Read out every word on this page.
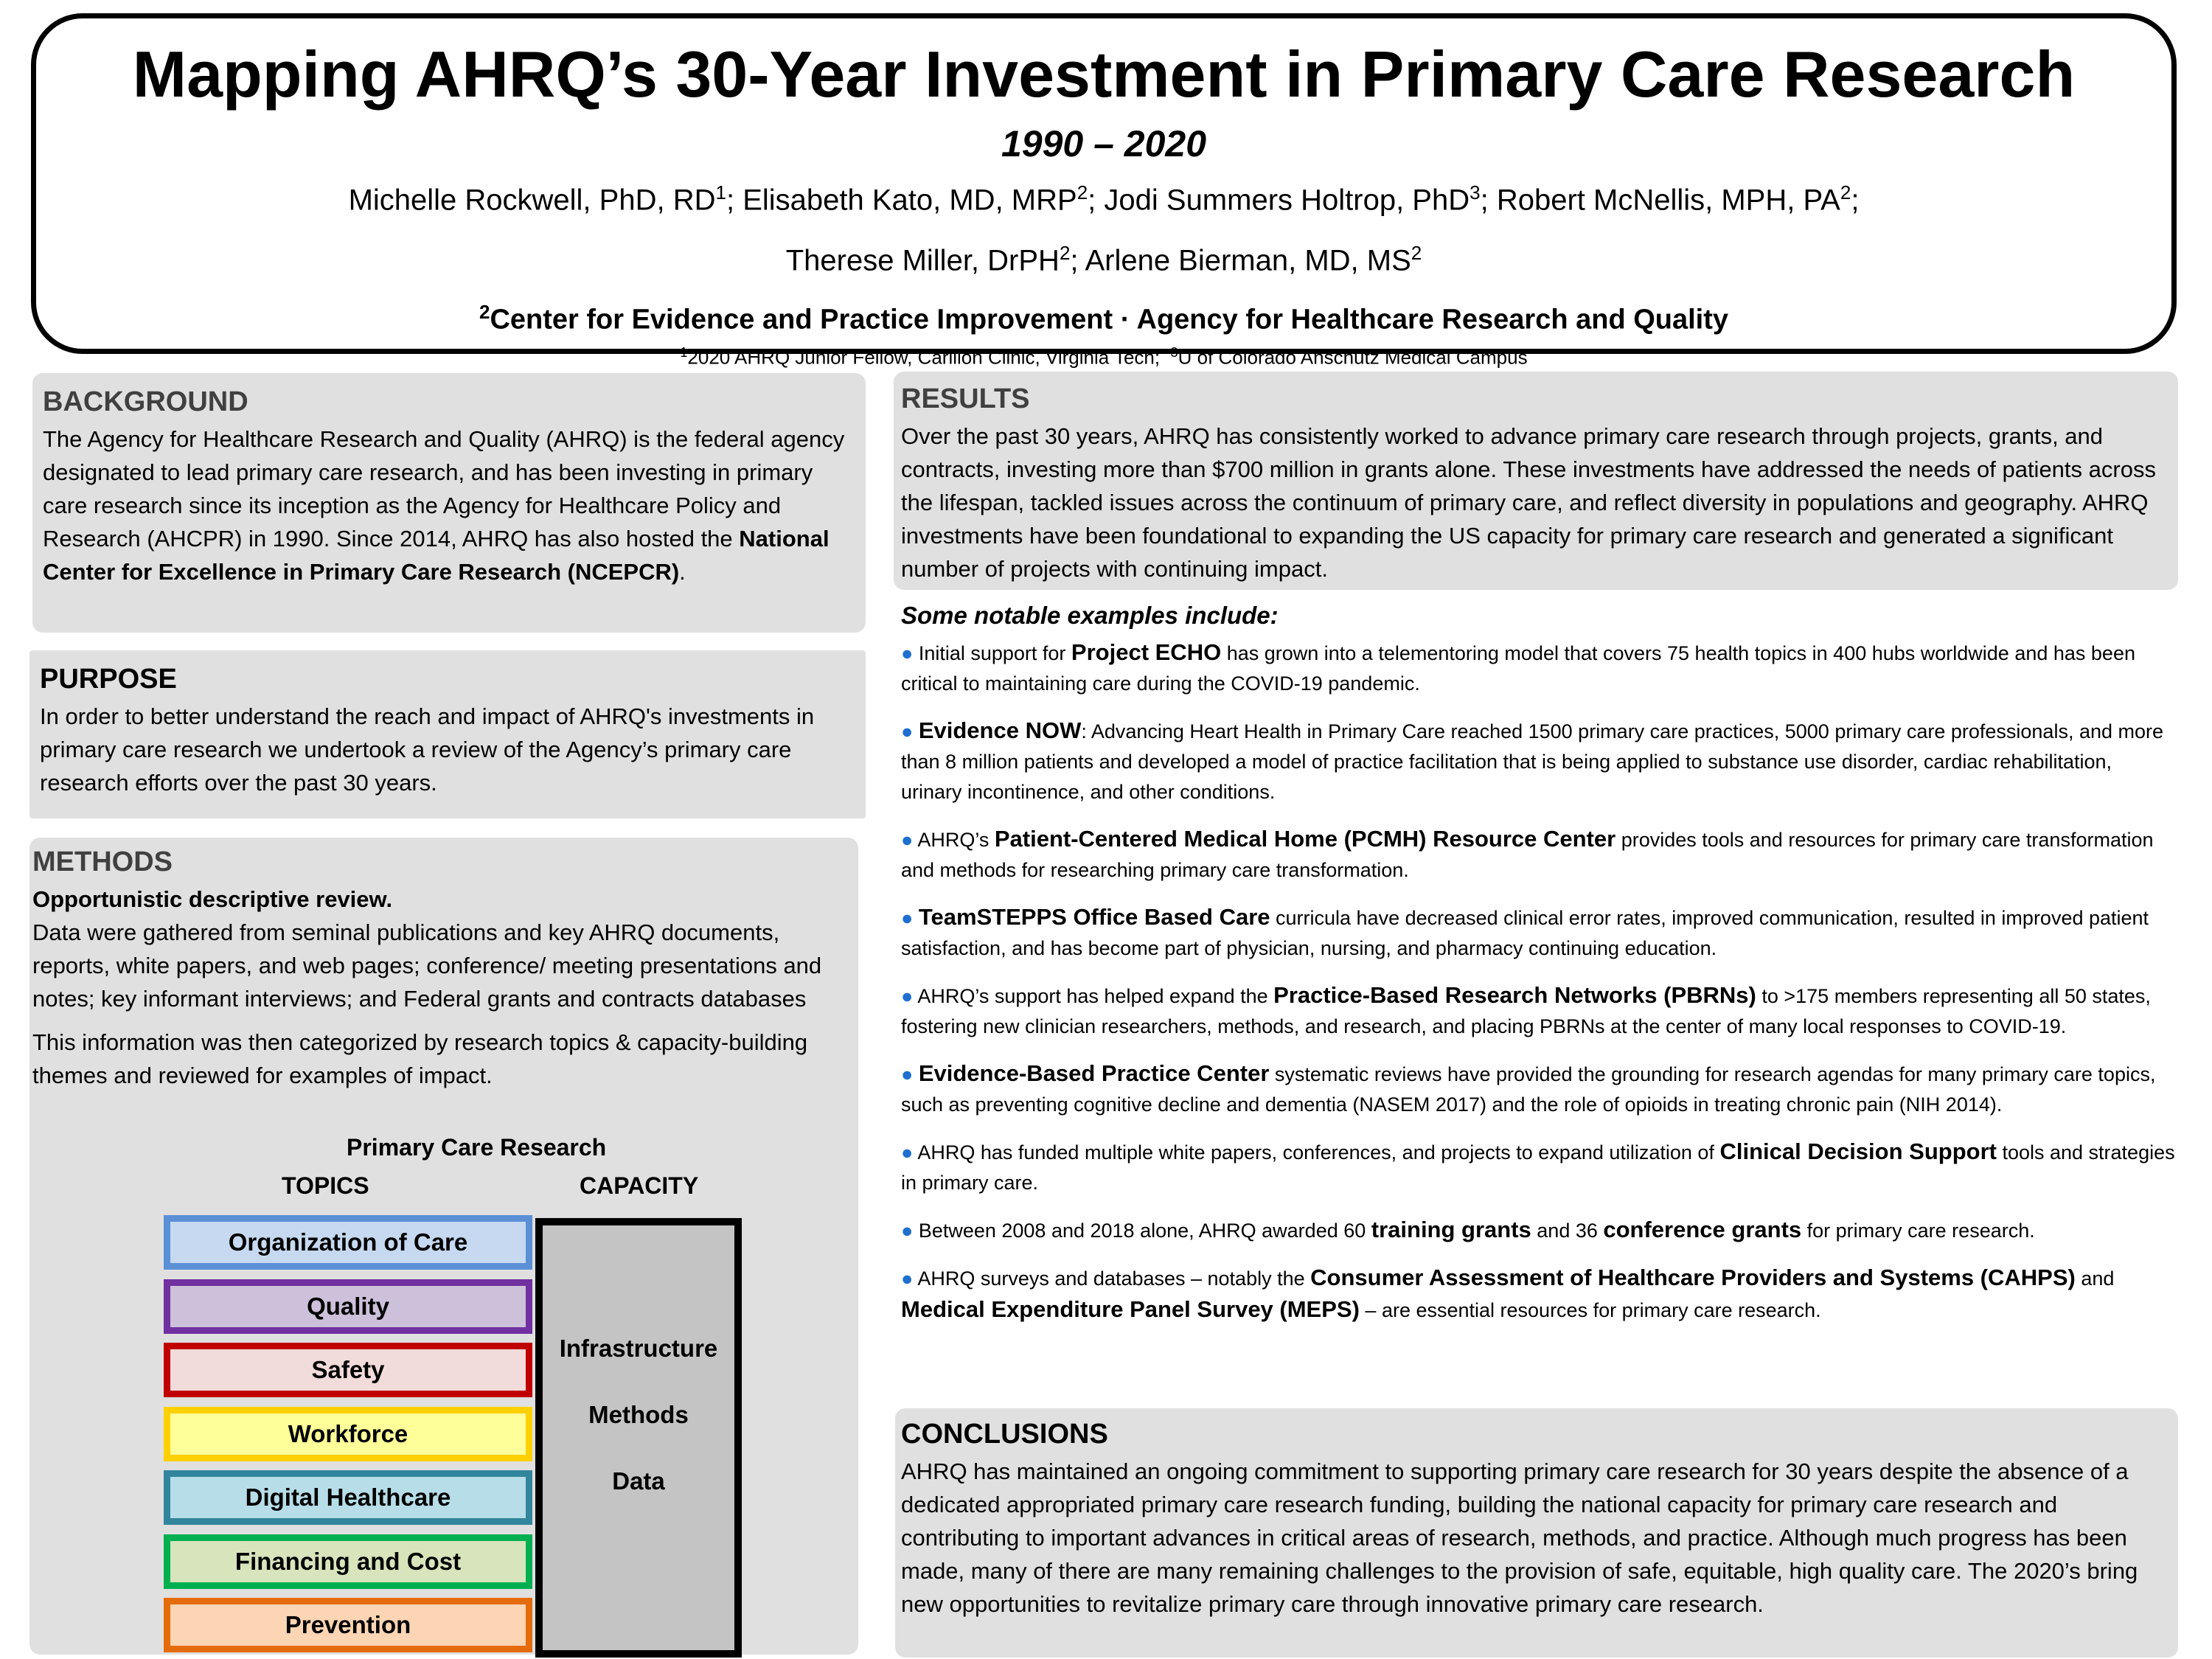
Mapping AHRQ’s 30-Year Investment in Primary Care Research
1990 – 2020
Michelle Rockwell, PhD, $RD^1$; Elisabeth Kato, MD, MRP$^2$; Jodi Summers Holtrop, PhD$^3$; Robert McNellis, MPH, $PA^2$;
Therese Miller, DrPH$^2$; Arlene Bierman, MD, $MS^2$
$^2$Center for Evidence and Practice Improvement · Agency for Healthcare Research and Quality
$^1$2020 AHRQ Junior Fellow, Carilion Clinic, Virginia Tech; $^3$U of Colorado Anschutz Medical Campus
BACKGROUND
The Agency for Healthcare Research and Quality (AHRQ) is the federal agency designated to lead primary care research, and has been investing in primary care research since its inception as the Agency for Healthcare Policy and Research (AHCPR) in 1990. Since 2014, AHRQ has also hosted the National Center for Excellence in Primary Care Research (NCEPCR).
PURPOSE
In order to better understand the reach and impact of AHRQ's investments in primary care research we undertook a review of the Agency’s primary care research efforts over the past 30 years.
METHODS
Opportunistic descriptive review.
Data were gathered from seminal publications and key AHRQ documents, reports, white papers, and web pages; conference/ meeting presentations and notes; key informant interviews; and Federal grants and contracts databases
This information was then categorized by research topics & capacity-building themes and reviewed for examples of impact.
Primary Care Research
TOPICS	CAPACITY
Organization of Care
Quality
Safety
Workforce
Digital Healthcare
Financing and Cost
Prevention
Infrastructure
Methods
Data
RESULTS
Over the past 30 years, AHRQ has consistently worked to advance primary care research through projects, grants, and contracts, investing more than $700 million in grants alone. These investments have addressed the needs of patients across the lifespan, tackled issues across the continuum of primary care, and reflect diversity in populations and geography. AHRQ investments have been foundational to expanding the US capacity for primary care research and generated a significant number of projects with continuing impact.
Some notable examples include:
● Initial support for Project ECHO has grown into a telementoring model that covers 75 health topics in 400 hubs worldwide and has been critical to maintaining care during the COVID-19 pandemic.
● Evidence NOW: Advancing Heart Health in Primary Care reached 1500 primary care practices, 5000 primary care professionals, and more than 8 million patients and developed a model of practice facilitation that is being applied to substance use disorder, cardiac rehabilitation, urinary incontinence, and other conditions.
● AHRQ’s Patient-Centered Medical Home (PCMH) Resource Center provides tools and resources for primary care transformation and methods for researching primary care transformation.
● TeamSTEPPS Office Based Care curricula have decreased clinical error rates, improved communication, resulted in improved patient satisfaction, and has become part of physician, nursing, and pharmacy continuing education.
● AHRQ’s support has helped expand the Practice-Based Research Networks (PBRNs) to >175 members representing all 50 states, fostering new clinician researchers, methods, and research, and placing PBRNs at the center of many local responses to COVID-19.
● Evidence-Based Practice Center systematic reviews have provided the grounding for research agendas for many primary care topics, such as preventing cognitive decline and dementia (NASEM 2017) and the role of opioids in treating chronic pain (NIH 2014).
● AHRQ has funded multiple white papers, conferences, and projects to expand utilization of Clinical Decision Support tools and strategies in primary care.
● Between 2008 and 2018 alone, AHRQ awarded 60 training grants and 36 conference grants for primary care research.
● AHRQ surveys and databases – notably the Consumer Assessment of Healthcare Providers and Systems (CAHPS) and Medical Expenditure Panel Survey (MEPS) – are essential resources for primary care research.
CONCLUSIONS
AHRQ has maintained an ongoing commitment to supporting primary care research for 30 years despite the absence of a dedicated appropriated primary care research funding, building the national capacity for primary care research and contributing to important advances in critical areas of research, methods, and practice. Although much progress has been made, many of there are many remaining challenges to the provision of safe, equitable, high quality care. The 2020’s bring new opportunities to revitalize primary care through innovative primary care research.
